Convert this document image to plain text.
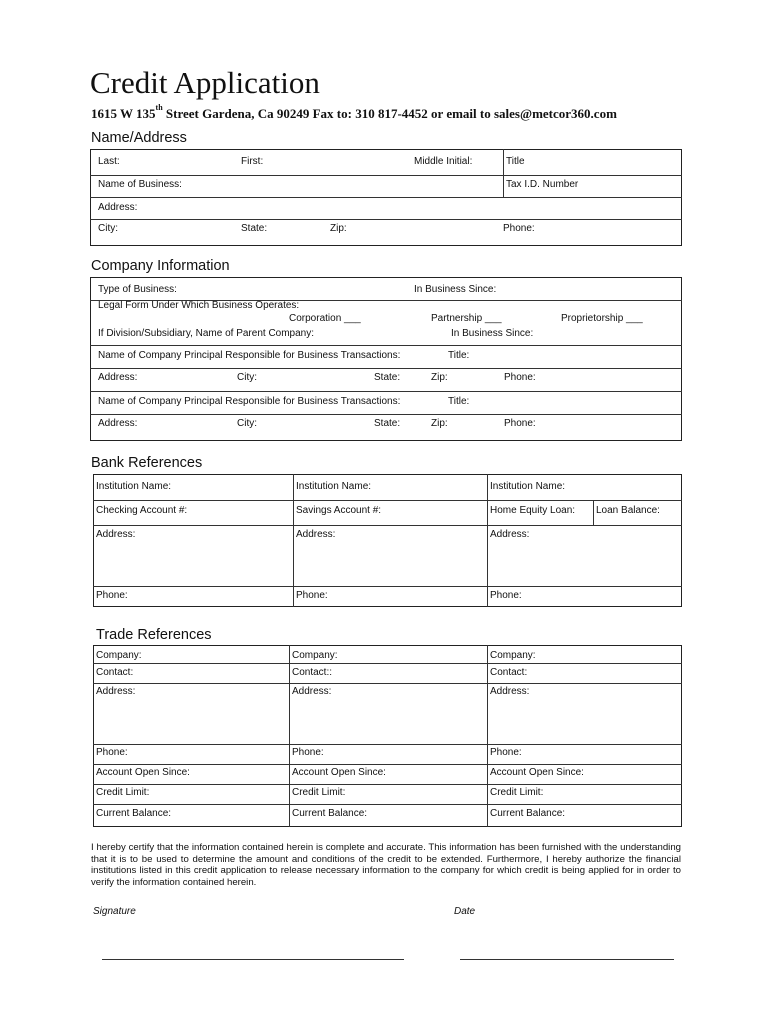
Credit Application
1615 W 135th Street Gardena, Ca 90249 Fax to: 310 817-4452 or email to sales@metcor360.com
Name/Address
Last:	First:	Middle Initial:	Title
Name of Business:	Tax I.D. Number
Address:
City:	State:	Zip:	Phone:
Company Information
Type of Business:	In Business Since:
Legal Form Under Which Business Operates:
Corporation ___	Partnership ___	Proprietorship ___
If Division/Subsidiary, Name of Parent Company:	In Business Since:
Name of Company Principal Responsible for Business Transactions:	Title:
Address:	City:	State:	Zip:	Phone:
Name of Company Principal Responsible for Business Transactions:	Title:
Address:	City:	State:	Zip:	Phone:
Bank References
Institution Name:	Institution Name:	Institution Name:
Checking Account #:	Savings Account #:	Home Equity Loan: Loan Balance:
Address:	Address:	Address:
Phone:	Phone:	Phone:
Trade References
Company:	Company:	Company:
Contact:	Contact::	Contact:
Address:	Address:	Address:
Phone:	Phone:	Phone:
Account Open Since:	Account Open Since:	Account Open Since:
Credit Limit:	Credit Limit:	Credit Limit:
Current Balance:	Current Balance:	Current Balance:
I hereby certify that the information contained herein is complete and accurate. This information has been furnished with the understanding that it is to be used to determine the amount and conditions of the credit to be extended. Furthermore, I hereby authorize the financial institutions listed in this credit application to release necessary information to the company for which credit is being applied for in order to verify the information contained herein.
Signature	Date
